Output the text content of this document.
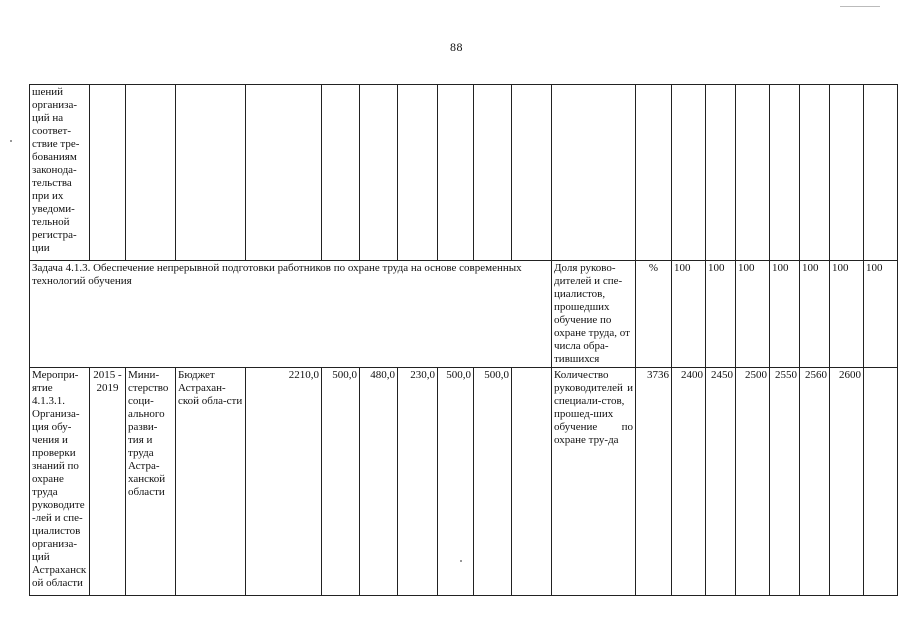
88
шений организа-ций на соответ-ствие тре-бованиям законода-тельства при их уведоми-тельной регистра-ции																			
Задача 4.1.3. Обеспечение непрерывной подготовки работников по охране труда на основе современных технологий обучения											Доля руково-дителей и спе-циалистов, прошедших обучение по охране труда, от числа обра-тившихся	%	100	100	100	100	100	100	100
Меропри-ятие 4.1.3.1. Организа-ция обу-чения и проверки знаний по охране труда руководите-лей и спе-циалистов организа-ций Астраханской области	2015 - 2019	Мини-стерство соци-ального разви-тия и труда Астра-ханской области	Бюджет Астрахан-ской обла-сти	2210,0	500,0	480,0	230,0	500,0	500,0		Количество руководителей и специали-стов, прошед-ших обучение по охране тру-да	3736	2400	2450	2500	2550	2560	2600	
